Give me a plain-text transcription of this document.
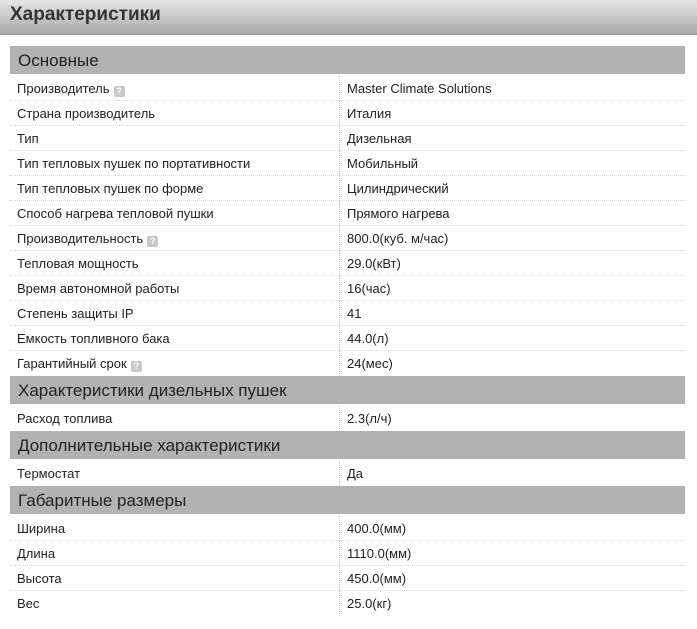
Характеристики
Основные
Производитель ?	Master Climate Solutions
Страна производитель	Италия
Тип	Дизельная
Тип тепловых пушек по портативности	Мобильный
Тип тепловых пушек по форме	Цилиндрический
Способ нагрева тепловой пушки	Прямого нагрева
Производительность ?	800.0(куб. м/час)
Тепловая мощность	29.0(кВт)
Время автономной работы	16(час)
Степень защиты IP	41
Емкость топливного бака	44.0(л)
Гарантийный срок ?	24(мес)
Характеристики дизельных пушек
Расход топлива	2.3(л/ч)
Дополнительные характеристики
Термостат	Да
Габаритные размеры
Ширина	400.0(мм)
Длина	1110.0(мм)
Высота	450.0(мм)
Вес	25.0(кг)
